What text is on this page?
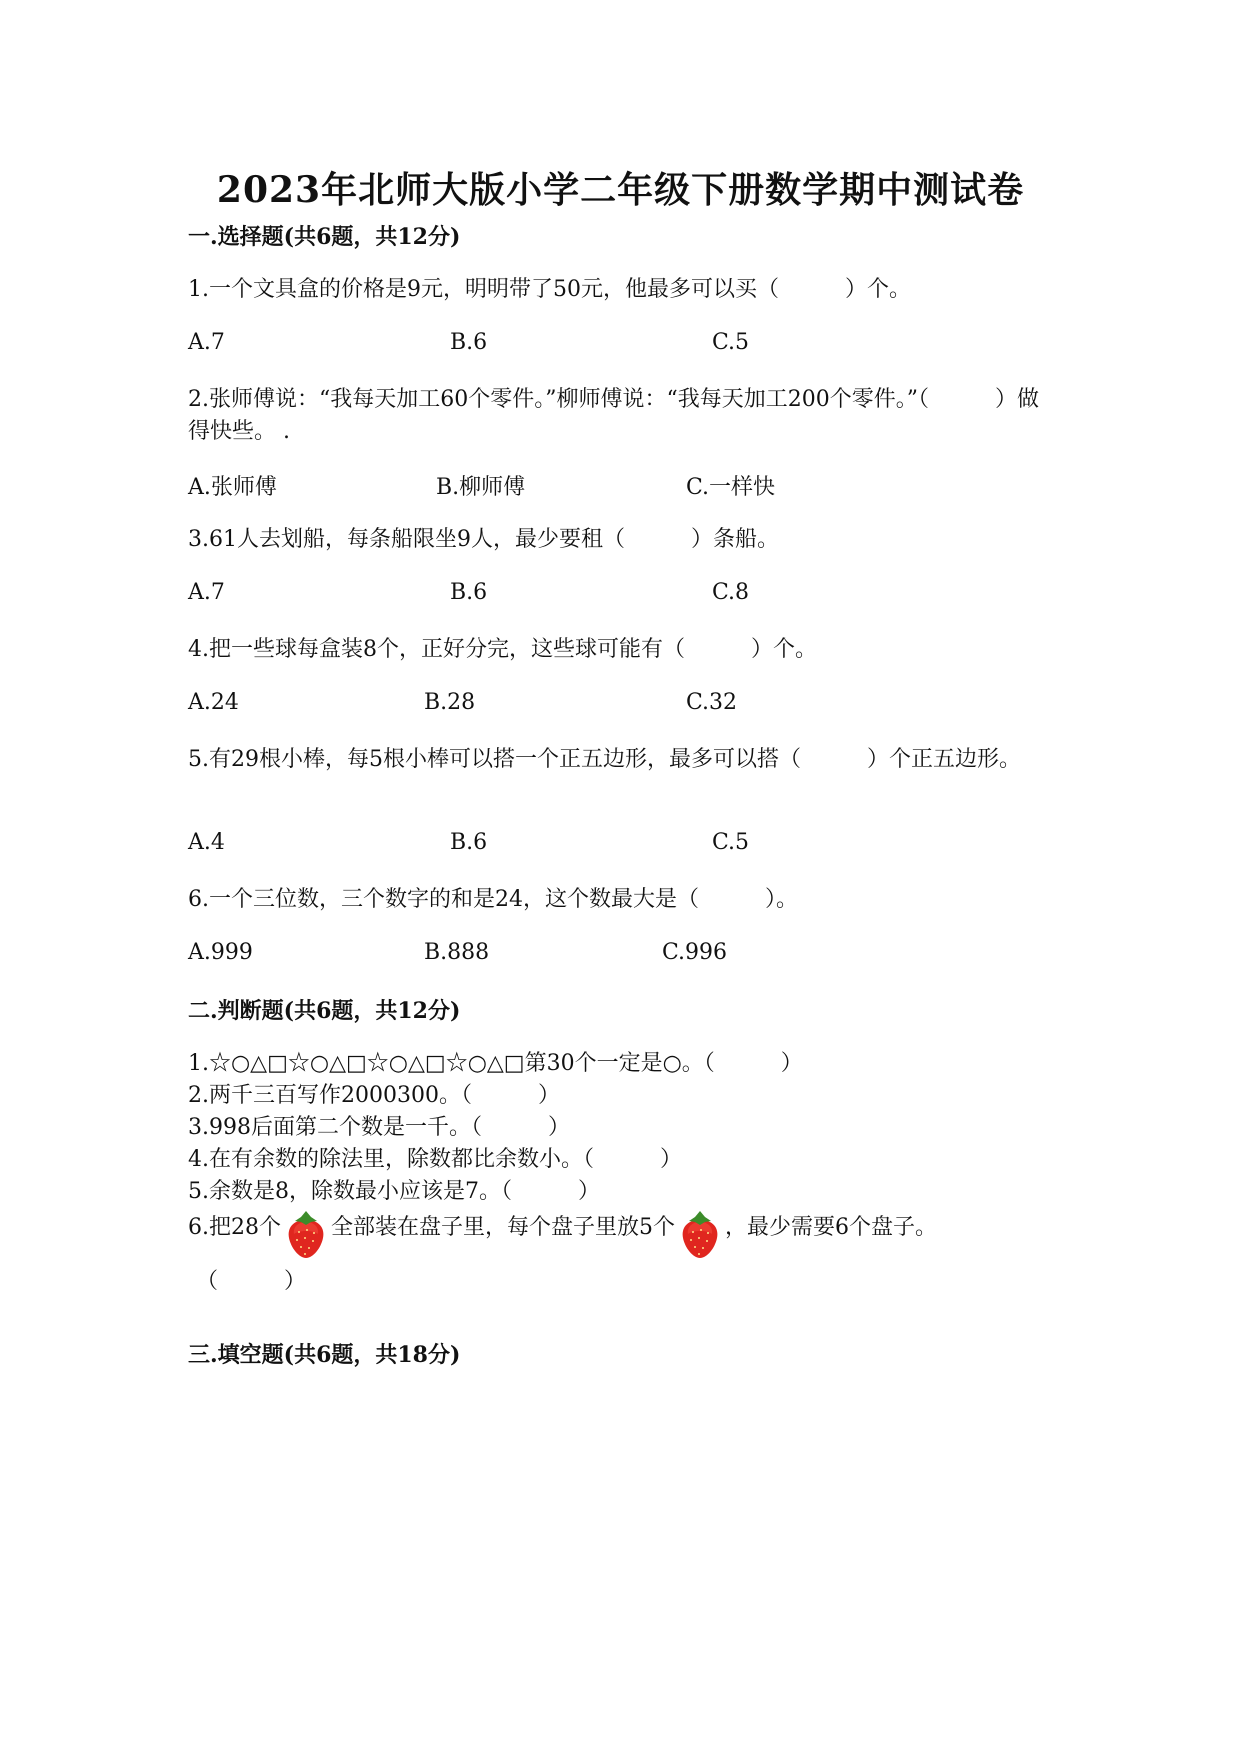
2023年北师大版小学二年级下册数学期中测试卷
一.选择题(共6题，共12分)
1.一个文具盒的价格是9元，明明带了50元，他最多可以买（　　　）个。
A.7	B.6	C.5
2.张师傅说：“我每天加工60个零件。”柳师傅说：“我每天加工200个零件。”（　　　）做得快些。 .
A.张师傅	B.柳师傅	C.一样快
3.61人去划船，每条船限坐9人，最少要租（　　　）条船。
A.7	B.6	C.8
4.把一些球每盒装8个，正好分完，这些球可能有（　　　）个。
A.24	B.28	C.32
5.有29根小棒，每5根小棒可以搭一个正五边形，最多可以搭（　　　）个正五边形。
A.4	B.6	C.5
6.一个三位数，三个数字的和是24，这个数最大是（　　　）。
A.999	B.888	C.996
二.判断题(共6题，共12分)
1.☆○△□☆○△□☆○△□☆○△□第30个一定是○。（　　　）
2.两千三百写作2000300。（　　　）
3.998后面第二个数是一千。（　　　）
4.在有余数的除法里，除数都比余数小。（　　　）
5.余数是8，除数最小应该是7。（　　　）
6.把28个 全部装在盘子里，每个盘子里放5个 ，最少需要6个盘子。
（　　　）
三.填空题(共6题，共18分)
